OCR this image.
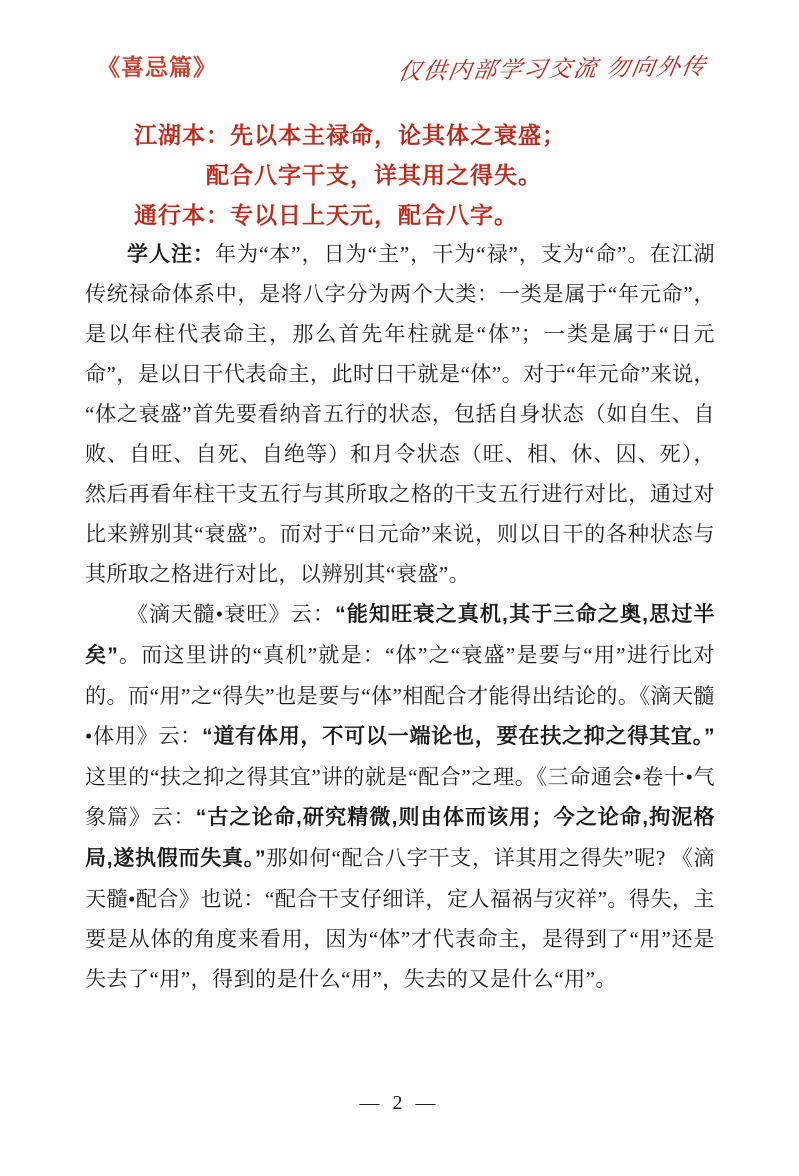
《喜忌篇》	仅供内部学习交流 勿向外传
江湖本：先以本主禄命，论其体之衰盛；
配合八字干支，详其用之得失。
通行本：专以日上天元，配合八字。

学人注：年为“本”，日为“主”，干为“禄”，支为“命”。在江湖传统禄命体系中，是将八字分为两个大类：一类是属于“年元命”，是以年柱代表命主，那么首先年柱就是“体”；一类是属于“日元命”，是以日干代表命主，此时日干就是“体”。对于“年元命”来说，“体之衰盛”首先要看纳音五行的状态，包括自身状态（如自生、自败、自旺、自死、自绝等）和月令状态（旺、相、休、囚、死），然后再看年柱干支五行与其所取之格的干支五行进行对比，通过对比来辨别其“衰盛”。而对于“日元命”来说，则以日干的各种状态与其所取之格进行对比，以辨别其“衰盛”。

《滴天髓•衰旺》云：“能知旺衰之真机,其于三命之奥,思过半矣”。而这里讲的“真机”就是：“体”之“衰盛”是要与“用”进行比对的。而“用”之“得失”也是要与“体”相配合才能得出结论的。《滴天髓•体用》云：“道有体用，不可以一端论也，要在扶之抑之得其宜。”这里的“扶之抑之得其宜”讲的就是“配合”之理。《三命通会•卷十•气象篇》云：“古之论命,研究精微,则由体而该用；今之论命,拘泥格局,遂执假而失真。”那如何“配合八字干支，详其用之得失”呢? 《滴天髓•配合》也说：“配合干支仔细详，定人福祸与灾祥”。得失，主要是从体的角度来看用，因为“体”才代表命主，是得到了“用”还是失去了“用”，得到的是什么“用”，失去的又是什么“用”。

— 2 —
